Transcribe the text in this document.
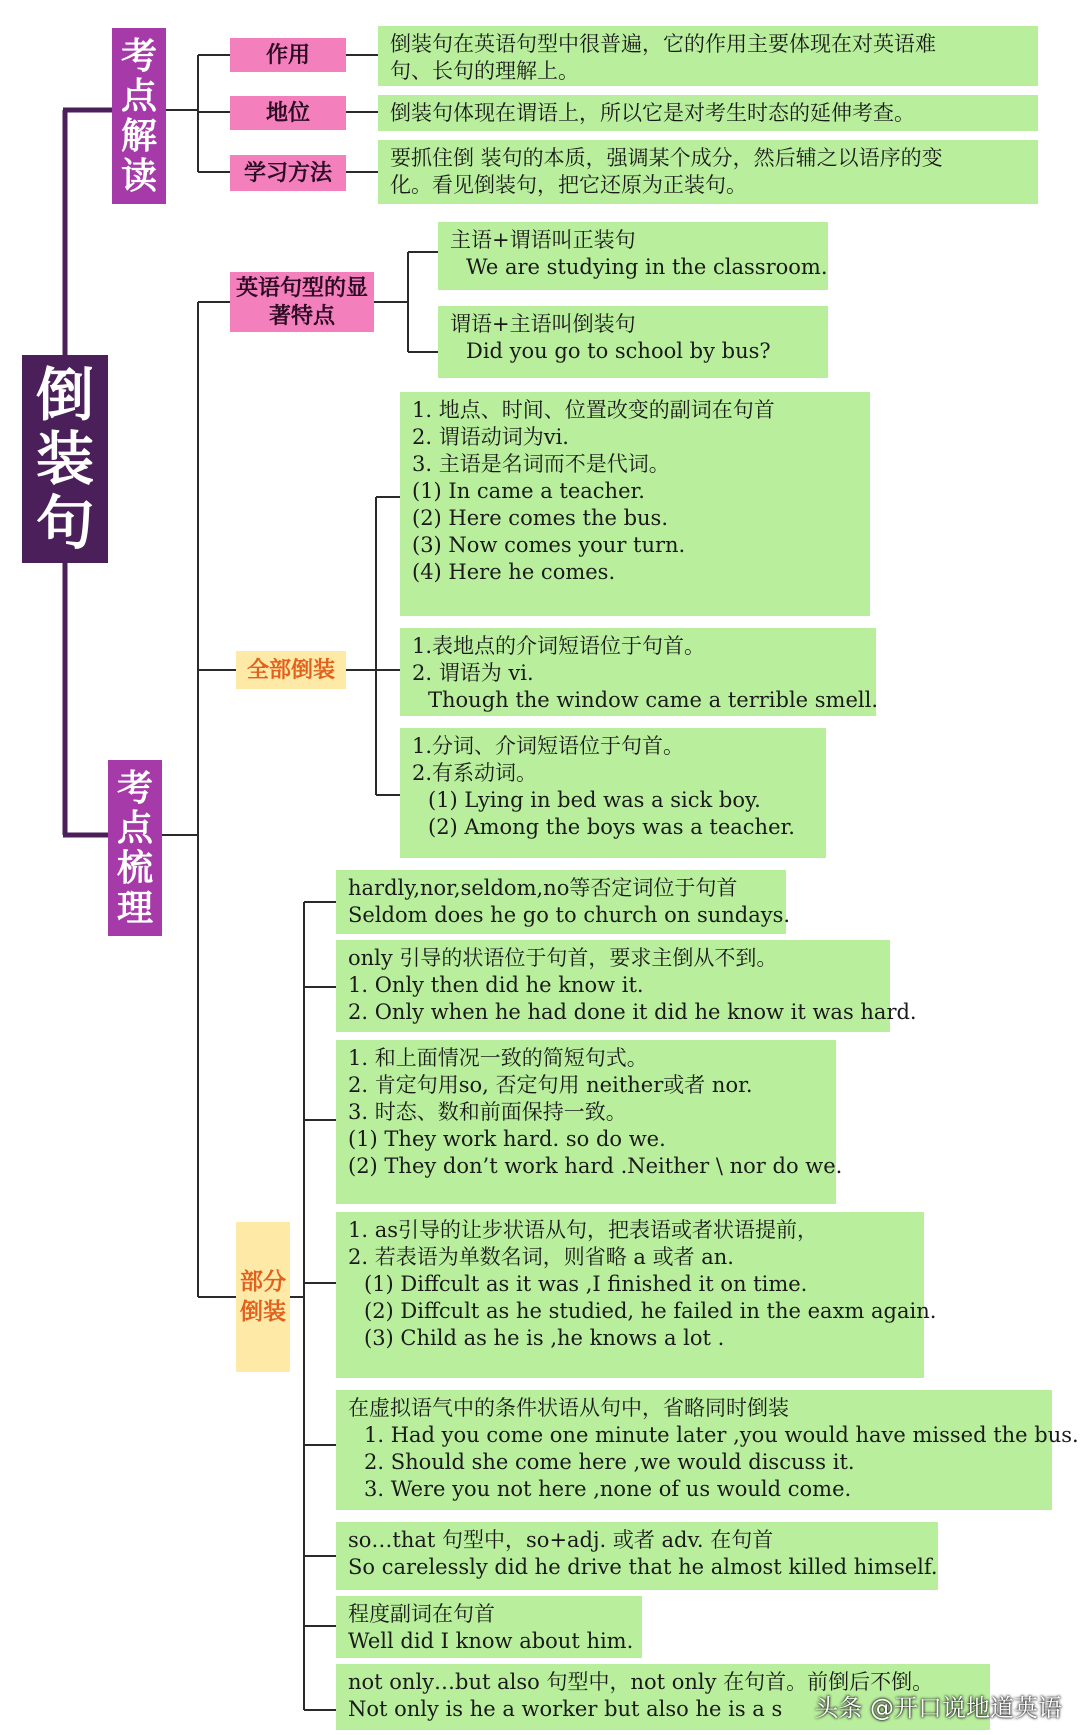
倒装句
考点解读
作用
地位
学习方法
倒装句在英语句型中很普遍，它的作用主要体现在对英语难
句、长句的理解上。
倒装句体现在谓语上，所以它是对考生时态的延伸考查。
要抓住倒 装句的本质，强调某个成分，然后辅之以语序的变
化。看见倒装句，把它还原为正装句。
考点梳理
英语句型的显著特点
主语+谓语叫正装句
We are studying in the classroom.
谓语+主语叫倒装句
Did you go to school by bus?
全部倒装
1. 地点、时间、位置改变的副词在句首
2. 谓语动词为vi.
3. 主语是名词而不是代词。
(1) In came a teacher.
(2) Here comes the bus.
(3) Now comes your turn.
(4) Here he comes.
1.表地点的介词短语位于句首。
2. 谓语为 vi.
Though the window came a terrible smell.
1.分词、介词短语位于句首。
2.有系动词。
(1) Lying in bed was a sick boy.
(2) Among the boys was a teacher.
部分倒装
hardly,nor,seldom,no等否定词位于句首
Seldom does he go to church on sundays.
only 引导的状语位于句首，要求主倒从不到。
1. Only then did he know it.
2. Only when he had done it did he know it was hard.
1. 和上面情况一致的简短句式。
2. 肯定句用so, 否定句用 neither或者 nor.
3. 时态、数和前面保持一致。
(1) They work hard. so do we.
(2) They don’t work hard .Neither \ nor do we.
1. as引导的让步状语从句，把表语或者状语提前，
2. 若表语为单数名词，则省略 a 或者 an.
(1) Diffcult as it was ,I finished it on time.
(2) Diffcult as he studied, he failed in the eaxm again.
(3) Child as he is ,he knows a lot .
在虚拟语气中的条件状语从句中，省略同时倒装
1. Had you come one minute later ,you would have missed the bus.
2. Should she come here ,we would discuss it.
3. Were you not here ,none of us would come.
so…that 句型中，so+adj. 或者 adv. 在句首
So carelessly did he drive that he almost killed himself.
程度副词在句首
Well did I know about him.
not only…but also 句型中，not only 在句首。前倒后不倒。
Not only is he a worker but also he is a s	头条 @开口说地道英语
